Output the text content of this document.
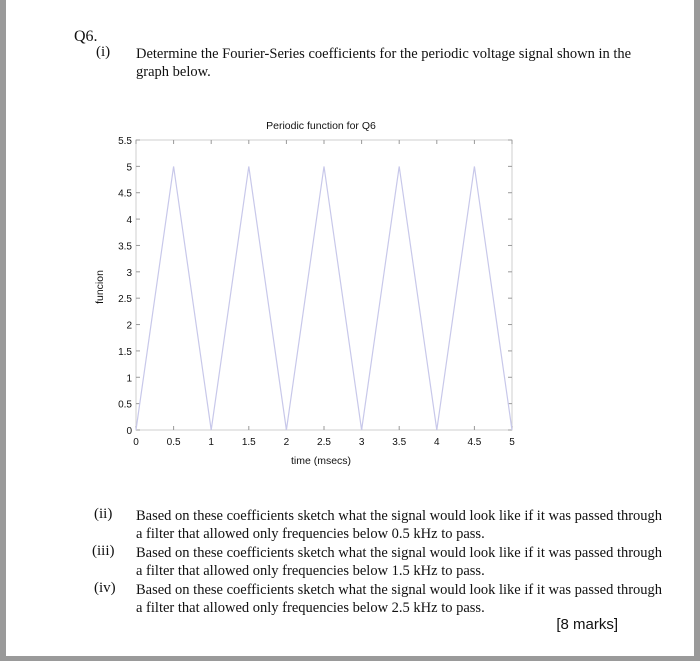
Q6.
(i) Determine the Fourier-Series coefficients for the periodic voltage signal shown in the
graph below.
Periodic function for Q6
0
0.5
1
1.5
2
2.5
3
3.5
4
4.5
5
5.5
0	0.5	1	1.5	2	2.5	3	3.5	4	4.5	5
time (msecs)
funcion
(ii) Based on these coefficients sketch what the signal would look like if it was passed through
a filter that allowed only frequencies below 0.5 kHz to pass.
(iii) Based on these coefficients sketch what the signal would look like if it was passed through
a filter that allowed only frequencies below 1.5 kHz to pass.
(iv) Based on these coefficients sketch what the signal would look like if it was passed through
a filter that allowed only frequencies below 2.5 kHz to pass.
[8 marks]
